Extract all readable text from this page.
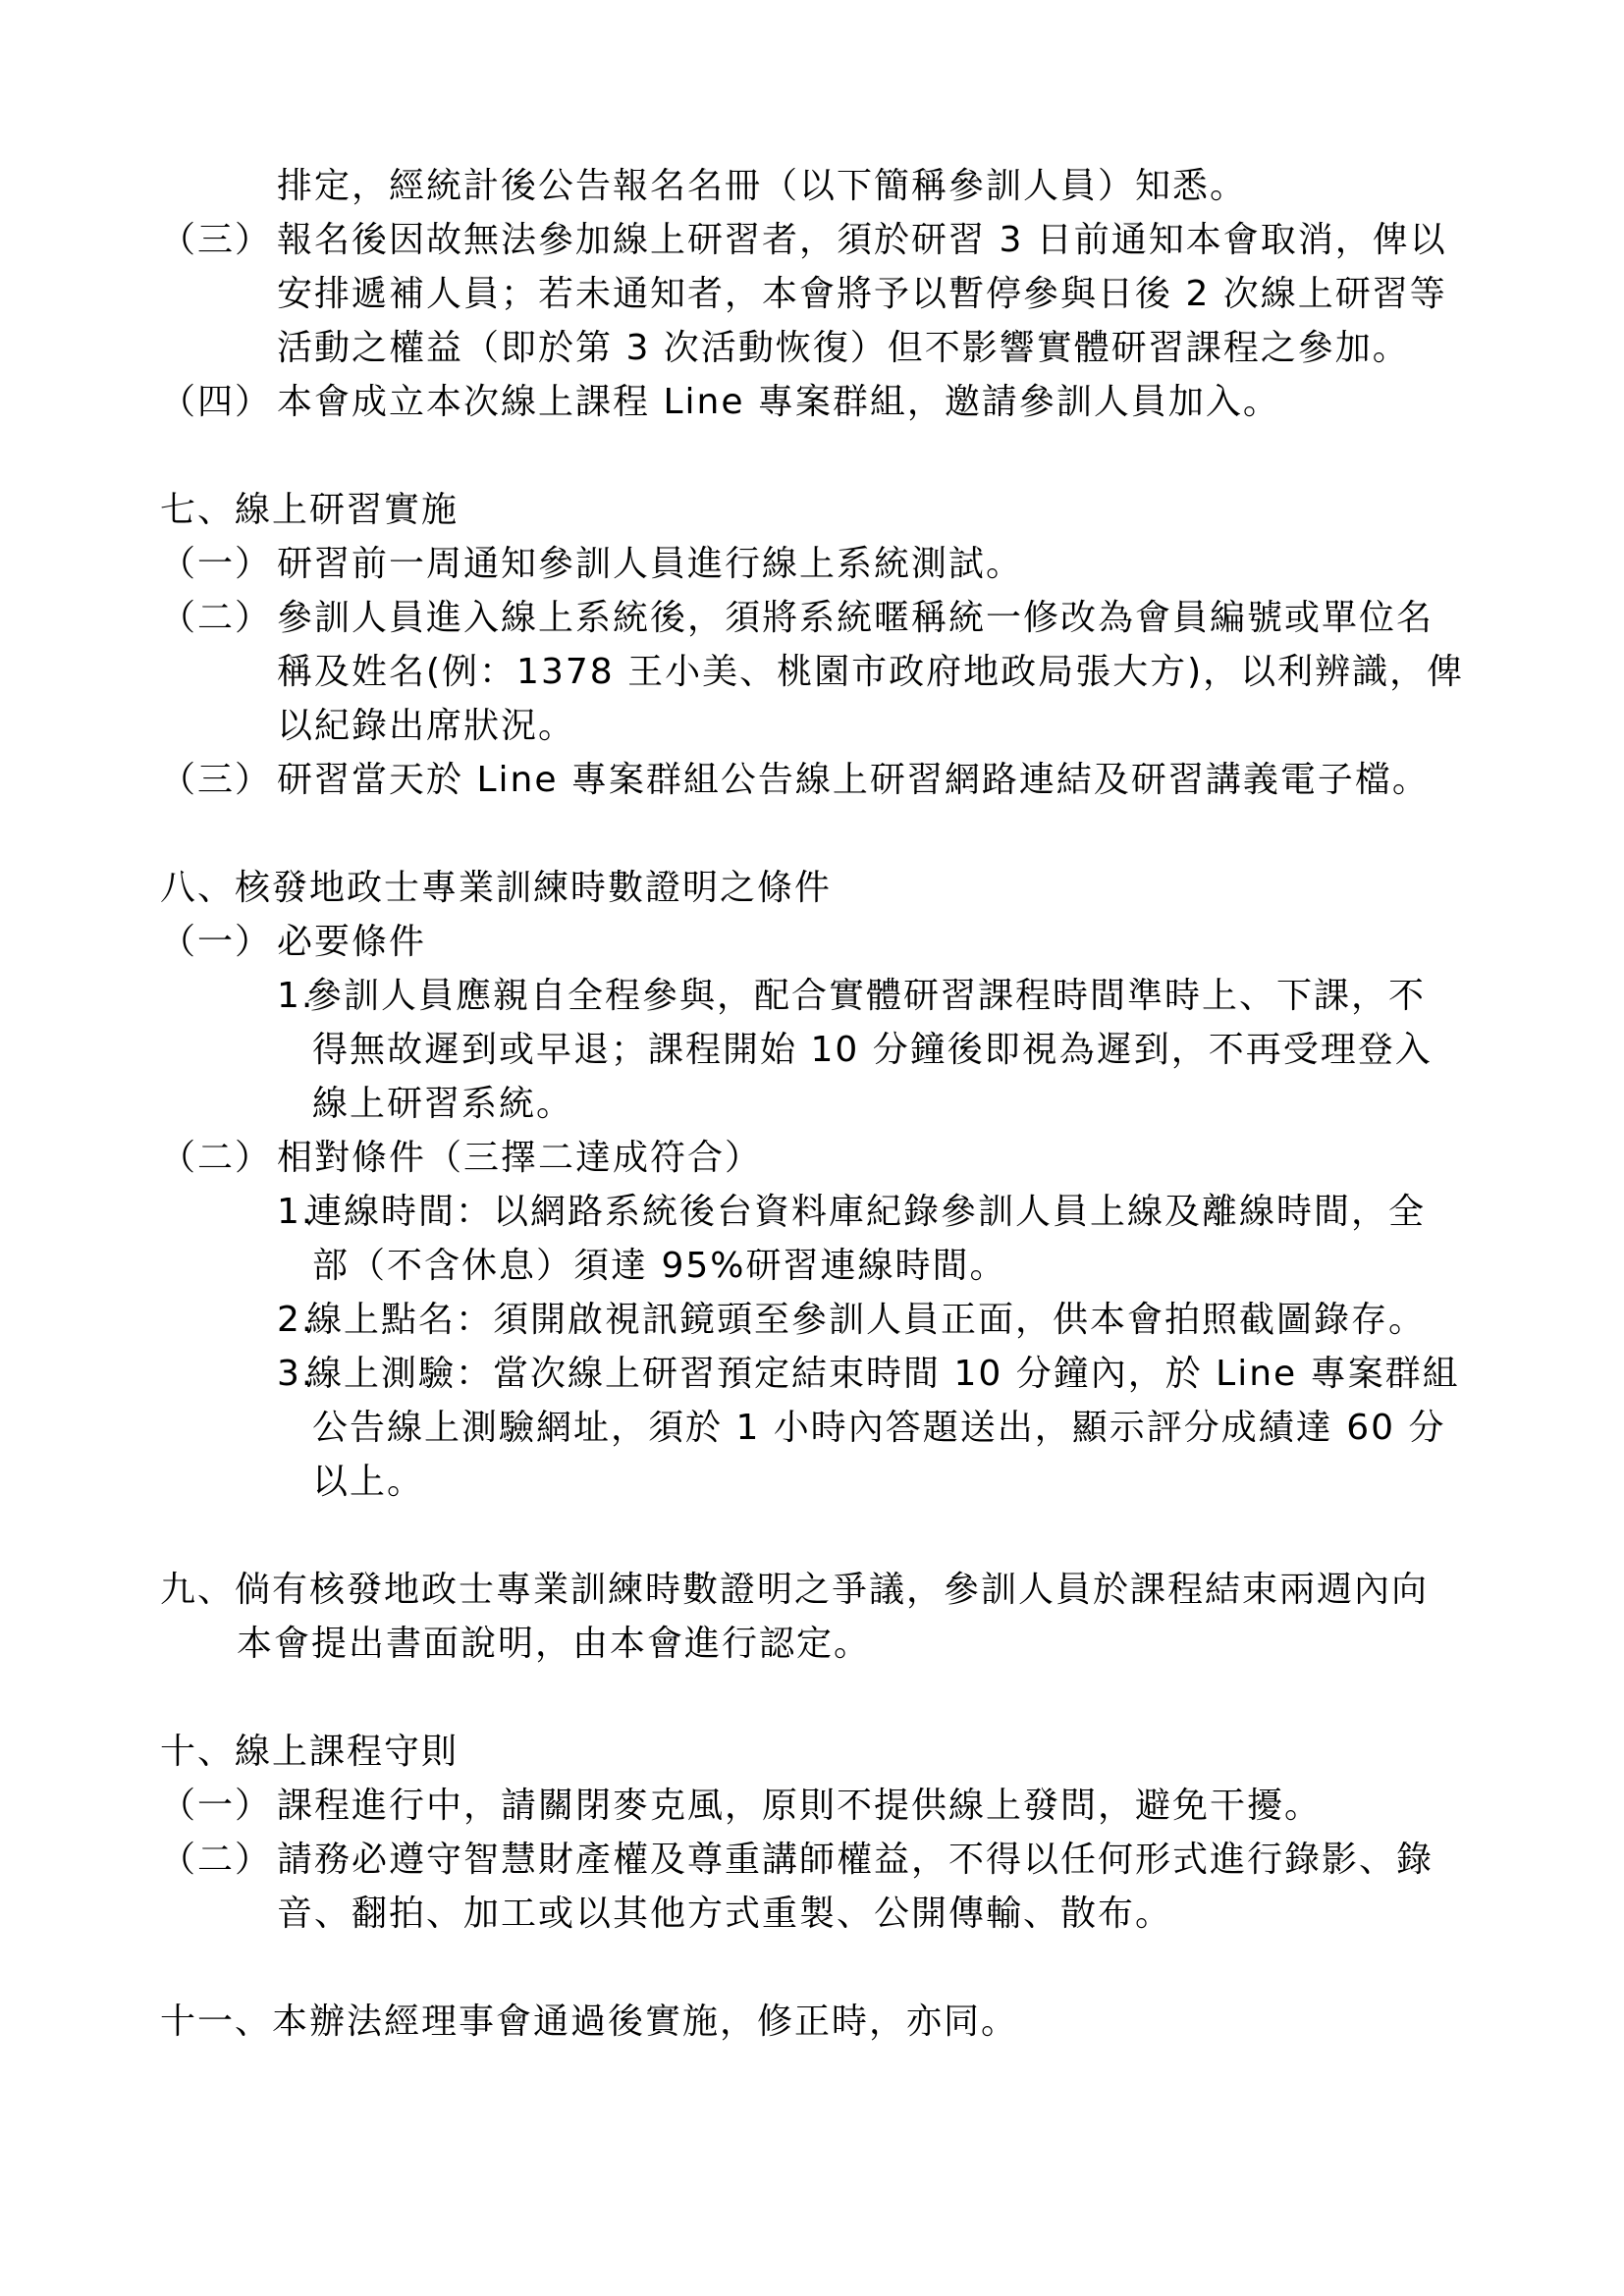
排定，經統計後公告報名名冊（以下簡稱參訓人員）知悉。
（三） 報名後因故無法參加線上研習者，須於研習 3 日前通知本會取消，俾以
安排遞補人員；若未通知者，本會將予以暫停參與日後 2 次線上研習等
活動之權益（即於第 3 次活動恢復）但不影響實體研習課程之參加。
（四） 本會成立本次線上課程 Line 專案群組，邀請參訓人員加入。
七、線上研習實施
（一） 研習前一周通知參訓人員進行線上系統測試。
（二） 參訓人員進入線上系統後，須將系統暱稱統一修改為會員編號或單位名
稱及姓名(例：1378 王小美、桃園市政府地政局張大方)，以利辨識，俾
以紀錄出席狀況。
（三） 研習當天於 Line 專案群組公告線上研習網路連結及研習講義電子檔。
八、核發地政士專業訓練時數證明之條件
（一） 必要條件
1.
參訓人員應親自全程參與，配合實體研習課程時間準時上、下課，不
得無故遲到或早退；課程開始 10 分鐘後即視為遲到，不再受理登入
線上研習系統。
（二） 相對條件（三擇二達成符合）
1.
連線時間：以網路系統後台資料庫紀錄參訓人員上線及離線時間，全
部（不含休息）須達 95%研習連線時間。
2.
線上點名：須開啟視訊鏡頭至參訓人員正面，供本會拍照截圖錄存。
3.
線上測驗：當次線上研習預定結束時間 10 分鐘內，於 Line 專案群組
公告線上測驗網址，須於 1 小時內答題送出，顯示評分成績達 60 分
以上。
九、倘有核發地政士專業訓練時數證明之爭議，參訓人員於課程結束兩週內向
本會提出書面說明，由本會進行認定。
十、線上課程守則
（一） 課程進行中，請關閉麥克風，原則不提供線上發問，避免干擾。
（二） 請務必遵守智慧財產權及尊重講師權益，不得以任何形式進行錄影、錄
音、翻拍、加工或以其他方式重製、公開傳輸、散布。
十一、本辦法經理事會通過後實施，修正時，亦同。
